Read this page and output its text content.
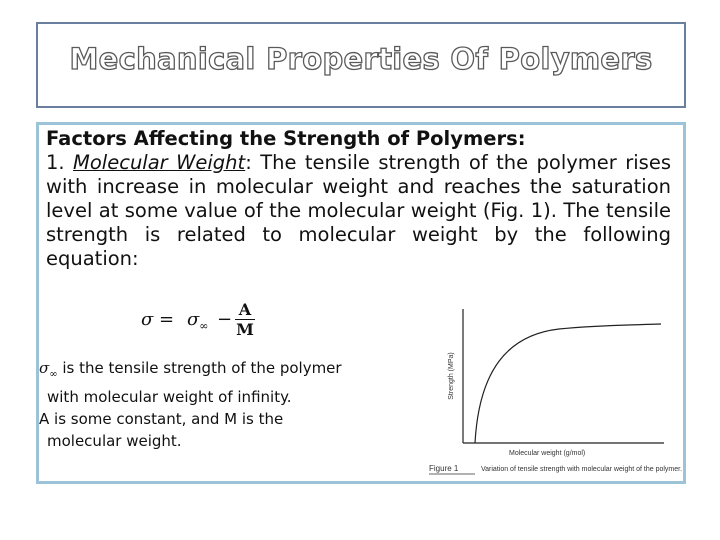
Mechanical Properties Of Polymers
Factors Affecting the Strength of Polymers:
1. Molecular Weight: The tensile strength of the polymer rises with increase in molecular weight and reaches the saturation level at some value of the molecular weight (Fig. 1). The tensile strength is related to molecular weight by the following equation:
$\sigma = \sigma_\infty - A$
M
$\sigma_\infty$ is the tensile strength of the polymer
with molecular weight of infinity.
A is some constant, and M is the
molecular weight.
Strength (MPa)
Molecular weight (g/mol)
Figure 1	Variation of tensile strength with molecular weight of the polymer.
